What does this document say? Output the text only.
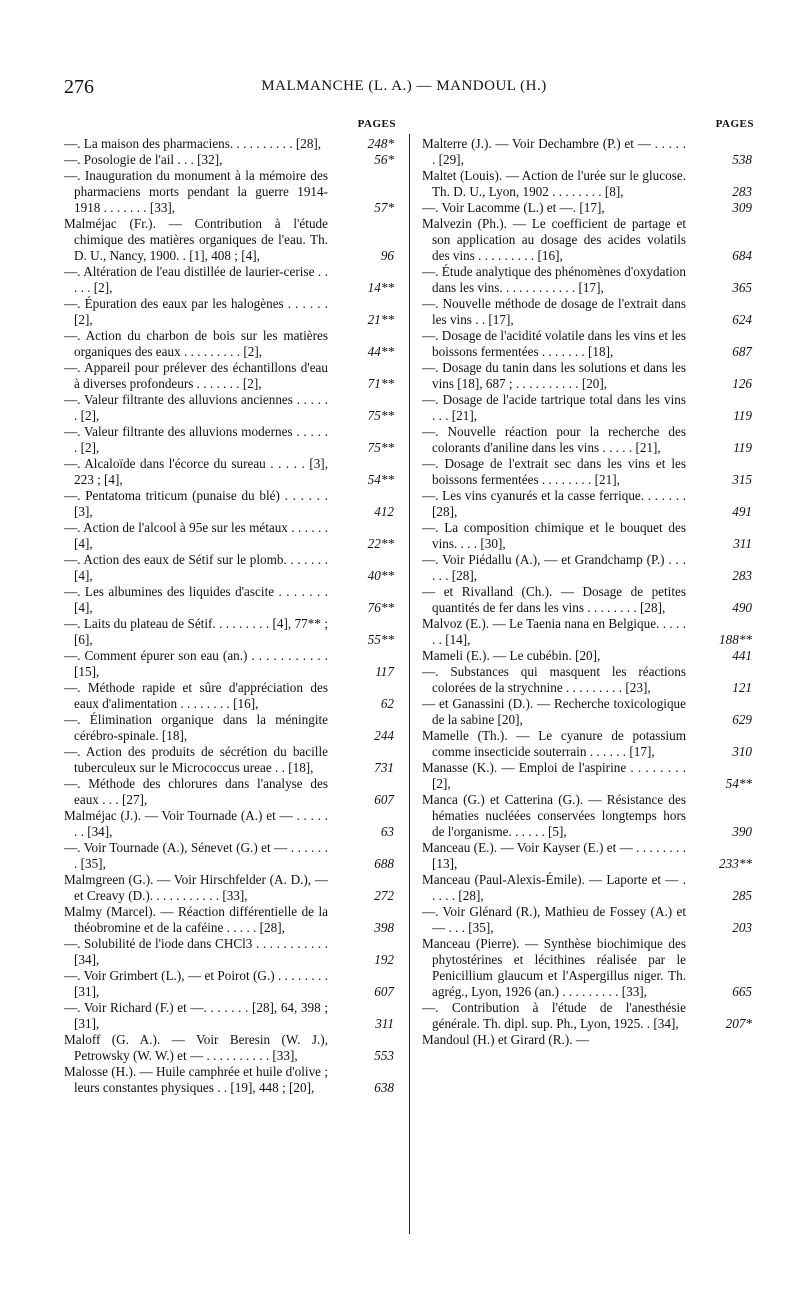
276	MALMANCHE (L. A.) — MANDOUL (H.)
PAGES
—. La maison des pharmaciens. . . . . . . . . . [28],	248*
—. Posologie de l'ail . . . [32],	56*
—. Inauguration du monument à la mémoire des pharmaciens morts pendant la guerre 1914-1918 . . . . . . . [33],	57*
Malméjac (Fr.). — Contribution à l'étude chimique des matières organiques de l'eau. Th. D. U., Nancy, 1900. . [1], 408 ; [4],	96
—. Altération de l'eau distillée de laurier-cerise . . . . . [2],	14**
—. Épuration des eaux par les halogènes . . . . . . [2],	21**
—. Action du charbon de bois sur les matières organiques des eaux . . . . . . . . . [2],	44**
—. Appareil pour prélever des échantillons d'eau à diverses profondeurs . . . . . . . [2],	71**
—. Valeur filtrante des alluvions anciennes . . . . . . [2],	75**
—. Valeur filtrante des alluvions modernes . . . . . . [2],	75**
—. Alcaloïde dans l'écorce du sureau . . . . . [3], 223 ; [4],	54**
—. Pentatoma triticum (punaise du blé) . . . . . . [3],	412
—. Action de l'alcool à 95e sur les métaux . . . . . . [4],	22**
—. Action des eaux de Sétif sur le plomb. . . . . . . [4],	40**
—. Les albumines des liquides d'ascite . . . . . . . [4],	76**
—. Laits du plateau de Sétif. . . . . . . . . [4], 77** ; [6],	55**
—. Comment épurer son eau (an.) . . . . . . . . . . . [15],	117
—. Méthode rapide et sûre d'appréciation des eaux d'alimentation . . . . . . . . [16],	62
—. Élimination organique dans la méningite cérébro-spinale. [18],	244
—. Action des produits de sécrétion du bacille tuberculeux sur le Micrococcus ureae . . [18],	731
—. Méthode des chlorures dans l'analyse des eaux . . . [27],	607
Malméjac (J.). — Voir Tournade (A.) et — . . . . . . . [34],	63
—. Voir Tournade (A.), Sénevet (G.) et — . . . . . . . [35],	688
Malmgreen (G.). — Voir Hirschfelder (A. D.), — et Creavy (D.). . . . . . . . . . . [33],	272
Malmy (Marcel). — Réaction différentielle de la théobromine et de la caféine . . . . . [28],	398
—. Solubilité de l'iode dans CHCl3 . . . . . . . . . . . [34],	192
—. Voir Grimbert (L.), — et Poirot (G.) . . . . . . . . [31],	607
—. Voir Richard (F.) et —. . . . . . . [28], 64, 398 ; [31],	311
Maloff (G. A.). — Voir Beresin (W. J.), Petrowsky (W. W.) et — . . . . . . . . . . [33],	553
Malosse (H.). — Huile camphrée et huile d'olive ; leurs constantes physiques . . [19], 448 ; [20],	638
PAGES
Malterre (J.). — Voir Dechambre (P.) et — . . . . . . [29],	538
Maltet (Louis). — Action de l'urée sur le glucose. Th. D. U., Lyon, 1902 . . . . . . . . [8],	283
—. Voir Lacomme (L.) et —. [17],	309
Malvezin (Ph.). — Le coefficient de partage et son application au dosage des acides volatils des vins . . . . . . . . . [16],	684
—. Étude analytique des phénomènes d'oxydation dans les vins. . . . . . . . . . . . [17],	365
—. Nouvelle méthode de dosage de l'extrait dans les vins . . [17],	624
—. Dosage de l'acidité volatile dans les vins et les boissons fermentées . . . . . . . [18],	687
—. Dosage du tanin dans les solutions et dans les vins [18], 687 ; . . . . . . . . . . [20],	126
—. Dosage de l'acide tartrique total dans les vins . . . [21],	119
—. Nouvelle réaction pour la recherche des colorants d'aniline dans les vins . . . . . [21],	119
—. Dosage de l'extrait sec dans les vins et les boissons fermentées . . . . . . . . [21],	315
—. Les vins cyanurés et la casse ferrique. . . . . . . [28],	491
—. La composition chimique et le bouquet des vins. . . . [30],	311
—. Voir Piédallu (A.), — et Grandchamp (P.) . . . . . . [28],	283
— et Rivalland (Ch.). — Dosage de petites quantités de fer dans les vins . . . . . . . . [28],	490
Malvoz (E.). — Le Taenia nana en Belgique. . . . . . . [14],	188**
Mameli (E.). — Le cubébin. [20],	441
—. Substances qui masquent les réactions colorées de la strychnine . . . . . . . . . [23],	121
— et Ganassini (D.). — Recherche toxicologique de la sabine [20],	629
Mamelle (Th.). — Le cyanure de potassium comme insecticide souterrain . . . . . . [17],	310
Manasse (K.). — Emploi de l'aspirine . . . . . . . . [2],	54**
Manca (G.) et Catterina (G.). — Résistance des hématies nucléées conservées longtemps hors de l'organisme. . . . . . [5],	390
Manceau (E.). — Voir Kayser (E.) et — . . . . . . . . [13],	233**
Manceau (Paul-Alexis-Émile). — Laporte et — . . . . . [28],	285
—. Voir Glénard (R.), Mathieu de Fossey (A.) et — . . . [35],	203
Manceau (Pierre). — Synthèse biochimique des phytostérines et lécithines réalisée par le Penicillium glaucum et l'Aspergillus niger. Th. agrég., Lyon, 1926 (an.) . . . . . . . . . [33],	665
—. Contribution à l'étude de l'anesthésie générale. Th. dipl. sup. Ph., Lyon, 1925. . [34],	207*
Mandoul (H.) et Girard (R.). —
